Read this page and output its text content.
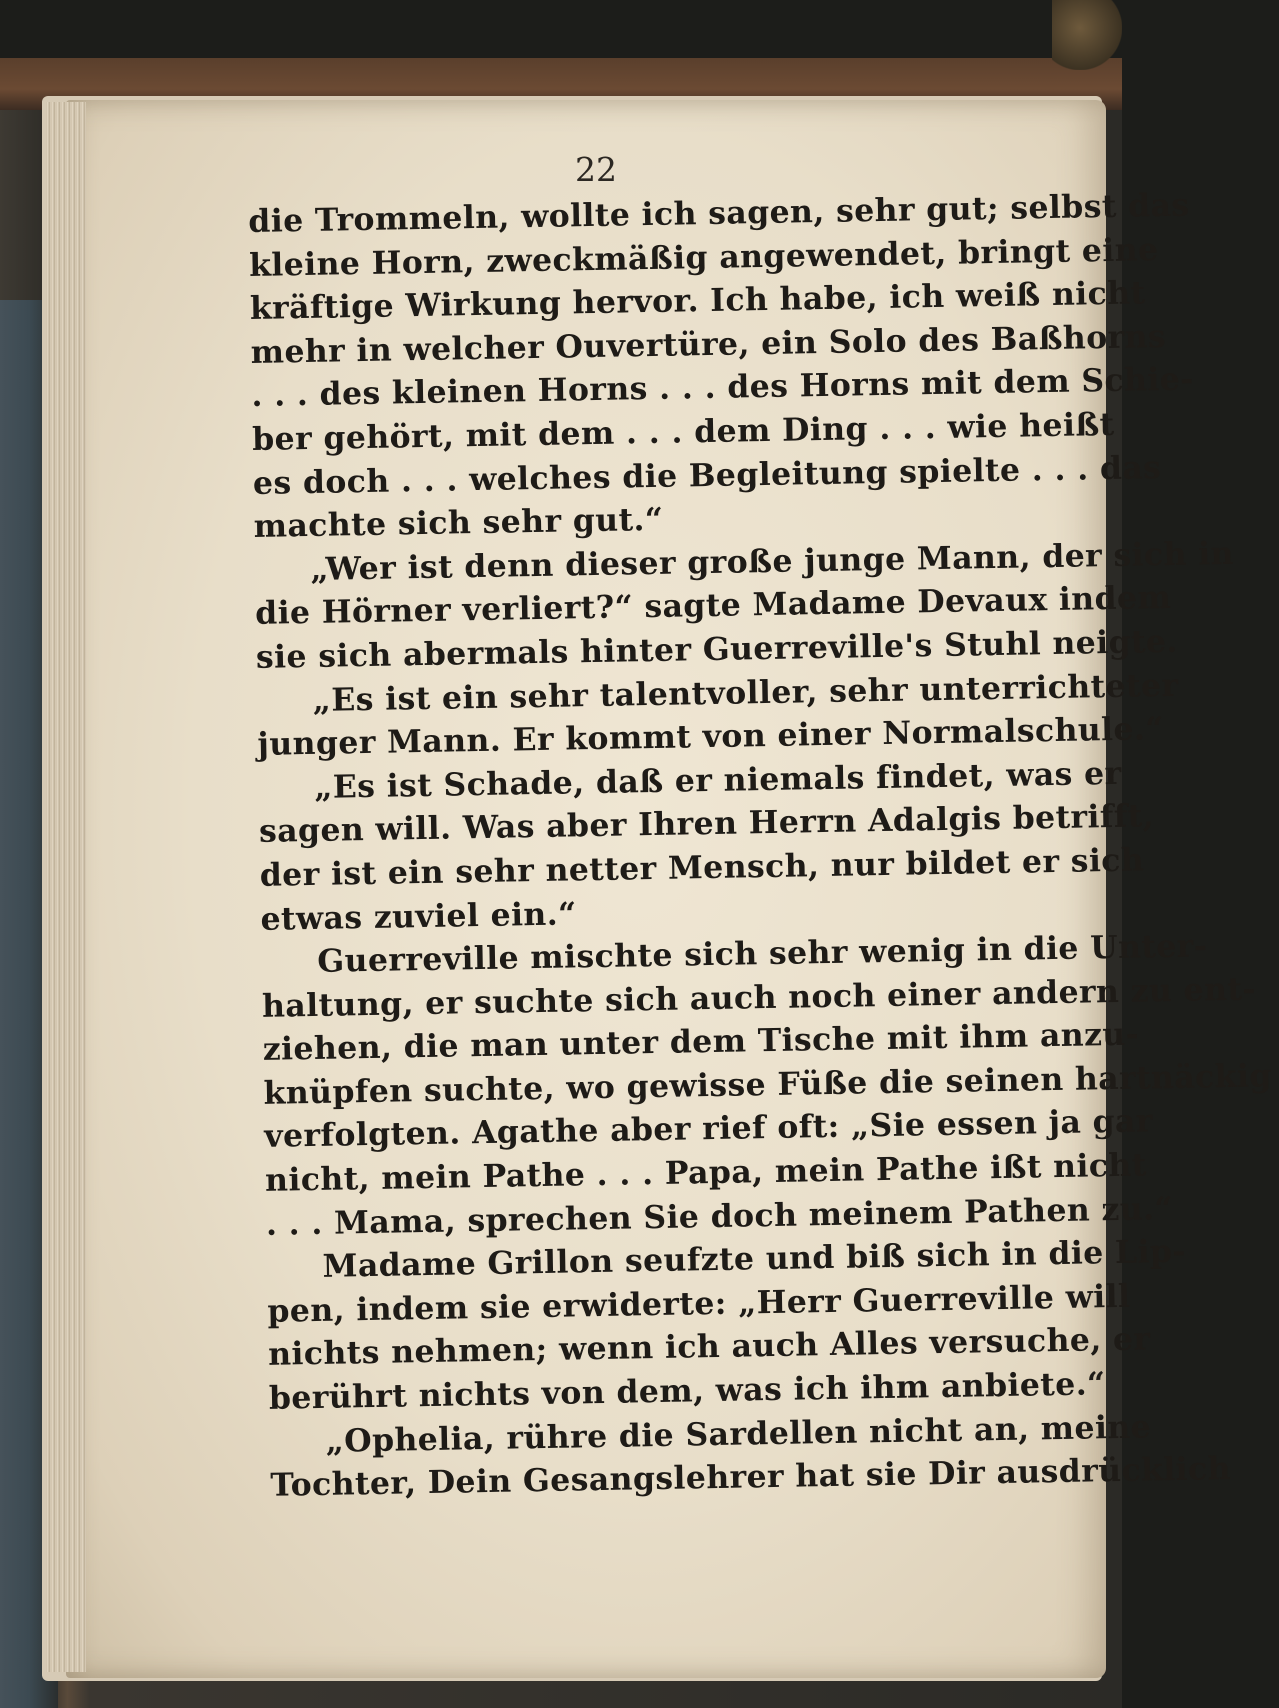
22
die Trommeln, wollte ich sagen, sehr gut; selbst das
kleine Horn, zweckmäßig angewendet, bringt eine
kräftige Wirkung hervor. Ich habe, ich weiß nicht
mehr in welcher Ouvertüre, ein Solo des Baßhorns
. . . des kleinen Horns . . . des Horns mit dem Schie-
ber gehört, mit dem . . . dem Ding . . . wie heißt
es doch . . . welches die Begleitung spielte . . . das
machte sich sehr gut.“
„Wer ist denn dieser große junge Mann, der sich in
die Hörner verliert?“ sagte Madame Devaux indem
sie sich abermals hinter Guerreville's Stuhl neigte.
„Es ist ein sehr talentvoller, sehr unterrichteter
junger Mann. Er kommt von einer Normalschule.“
„Es ist Schade, daß er niemals findet, was er
sagen will. Was aber Ihren Herrn Adalgis betrifft,
der ist ein sehr netter Mensch, nur bildet er sich
etwas zuviel ein.“
Guerreville mischte sich sehr wenig in die Unter-
haltung, er suchte sich auch noch einer andern zu ent-
ziehen, die man unter dem Tische mit ihm anzu-
knüpfen suchte, wo gewisse Füße die seinen hartnäckig
verfolgten. Agathe aber rief oft: „Sie essen ja gar
nicht, mein Pathe . . . Papa, mein Pathe ißt nicht
. . . Mama, sprechen Sie doch meinem Pathen zu.“
Madame Grillon seufzte und biß sich in die Lip-
pen, indem sie erwiderte: „Herr Guerreville will
nichts nehmen; wenn ich auch Alles versuche, er
berührt nichts von dem, was ich ihm anbiete.“
„Ophelia, rühre die Sardellen nicht an, meine
Tochter, Dein Gesangslehrer hat sie Dir ausdrücklich
